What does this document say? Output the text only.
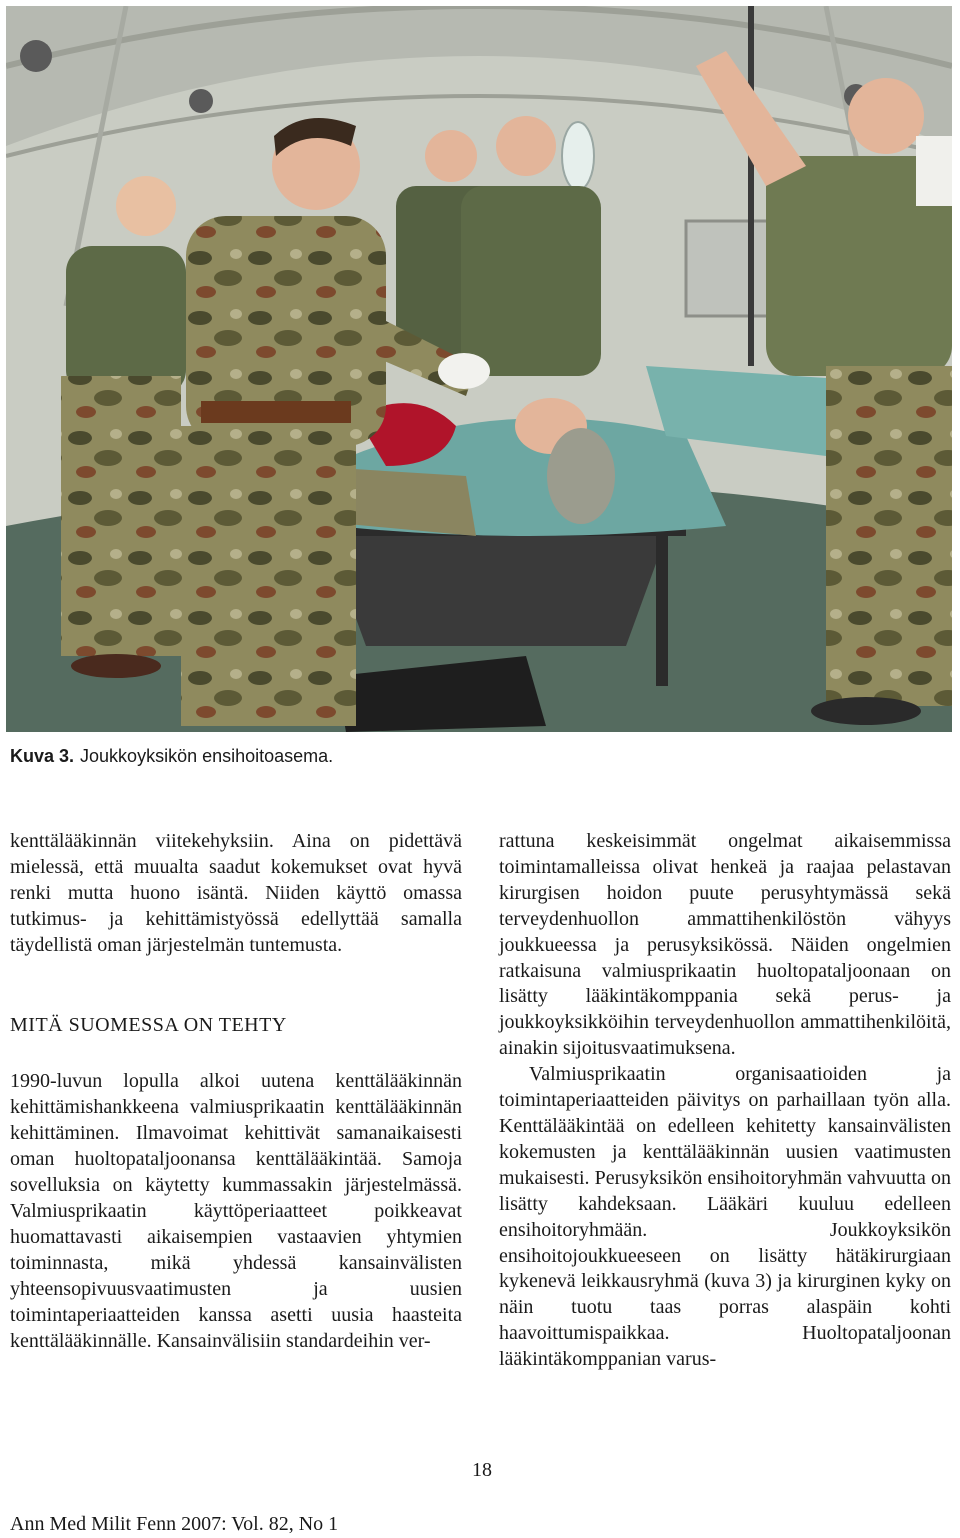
Kuva 3. Joukkoyksikön ensihoitoasema.

kenttälääkinnän viitekehyksiin. Aina on pidettävä mielessä, että muualta saadut kokemukset ovat hyvä renki mutta huono isäntä. Niiden käyttö omassa tutkimus- ja kehittämistyössä edellyttää samalla täydellistä oman järjestelmän tuntemusta.

MITÄ SUOMESSA ON TEHTY

1990-luvun lopulla alkoi uutena kenttälääkinnän kehittämishankkeena valmiusprikaatin kenttälääkinnän kehittäminen. Ilmavoimat kehittivät samanaikaisesti oman huoltopataljoonansa kenttälääkintää. Samoja sovelluksia on käytetty kummassakin järjestelmässä. Valmiusprikaatin käyttöperiaatteet poikkeavat huomattavasti aikaisempien vastaavien yhtymien toiminnasta, mikä yhdessä kansainvälisten yhteensopivuusvaatimusten ja uusien toimintaperiaatteiden kanssa asetti uusia haasteita kenttälääkinnälle. Kansainvälisiin standardeihin ver-

rattuna keskeisimmät ongelmat aikaisemmissa toimintamalleissa olivat henkeä ja raajaa pelastavan kirurgisen hoidon puute perusyhtymässä sekä terveydenhuollon ammattihenkilöstön vähyys joukkueessa ja perusyksikössä. Näiden ongelmien ratkaisuna valmiusprikaatin huoltopataljoonaan on lisätty lääkintäkomppania sekä perus- ja joukkoyksikköihin terveydenhuollon ammattihenkilöitä, ainakin sijoitusvaatimuksena.

Valmiusprikaatin organisaatioiden ja toimintaperiaatteiden päivitys on parhaillaan työn alla. Kenttälääkintää on edelleen kehitetty kansainvälisten kokemusten ja kenttälääkinnän uusien vaatimusten mukaisesti. Perusyksikön ensihoitoryhmän vahvuutta on lisätty kahdeksaan. Lääkäri kuuluu edelleen ensihoitoryhmään. Joukkoyksikön ensihoitojoukkueeseen on lisätty hätäkirurgiaan kykenevä leikkausryhmä (kuva 3) ja kirurginen kyky on näin tuotu taas porras alaspäin kohti haavoittumispaikkaa. Huoltopataljoonan lääkintäkomppanian varus-

18
Ann Med Milit Fenn 2007: Vol. 82, No 1
